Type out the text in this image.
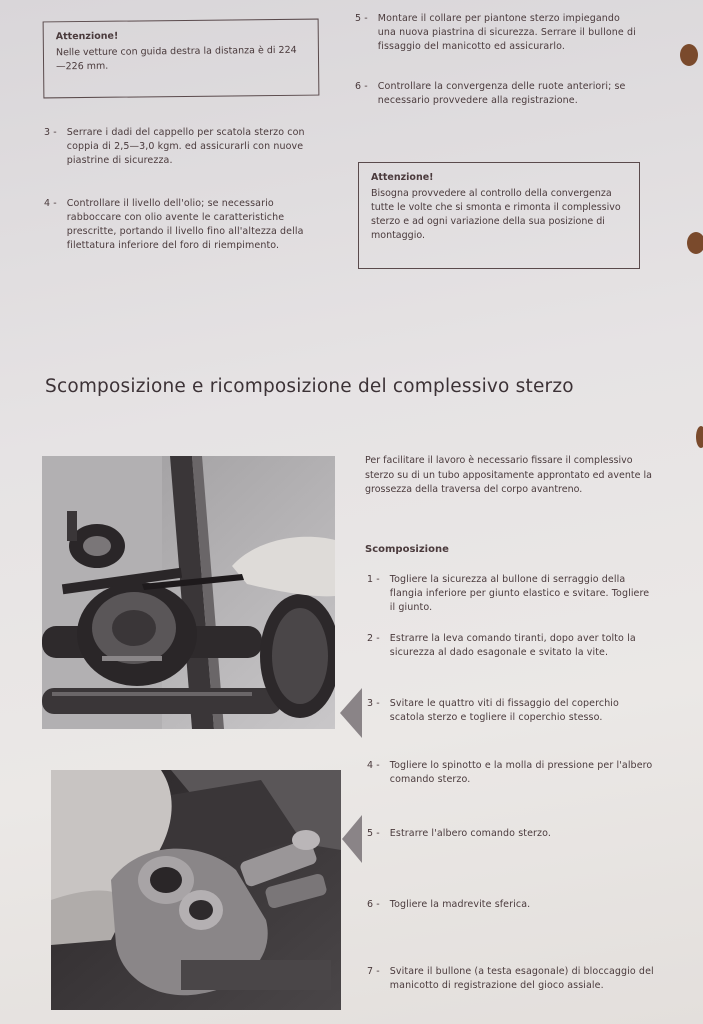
Attenzione!
Nelle vetture con guida destra la distanza è di 224—226 mm.
3 - Serrare i dadi del cappello per scatola sterzo con coppia di 2,5—3,0 kgm. ed assicurarli con nuove piastrine di sicurezza.
4 - Controllare il livello dell'olio; se necessario rabboccare con olio avente le caratteristiche prescritte, portando il livello fino all'altezza della filettatura inferiore del foro di riempimento.
5 - Montare il collare per piantone sterzo impiegando una nuova piastrina di sicurezza. Serrare il bullone di fissaggio del manicotto ed assicurarlo.
6 - Controllare la convergenza delle ruote anteriori; se necessario provvedere alla registrazione.
Attenzione!
Bisogna provvedere al controllo della convergenza tutte le volte che si smonta e rimonta il complessivo sterzo e ad ogni variazione della sua posizione di montaggio.
Scomposizione e ricomposizione del complessivo sterzo
Per facilitare il lavoro è necessario fissare il complessivo sterzo su di un tubo appositamente approntato ed avente la grossezza della traversa del corpo avantreno.
Scomposizione
1 - Togliere la sicurezza al bullone di serraggio della flangia inferiore per giunto elastico e svitare. Togliere il giunto.
2 - Estrarre la leva comando tiranti, dopo aver tolto la sicurezza al dado esagonale e svitato la vite.
3 - Svitare le quattro viti di fissaggio del coperchio scatola sterzo e togliere il coperchio stesso.
4 - Togliere lo spinotto e la molla di pressione per l'albero comando sterzo.
5 - Estrarre l'albero comando sterzo.
6 - Togliere la madrevite sferica.
7 - Svitare il bullone (a testa esagonale) di bloccaggio del manicotto di registrazione del gioco assiale.
